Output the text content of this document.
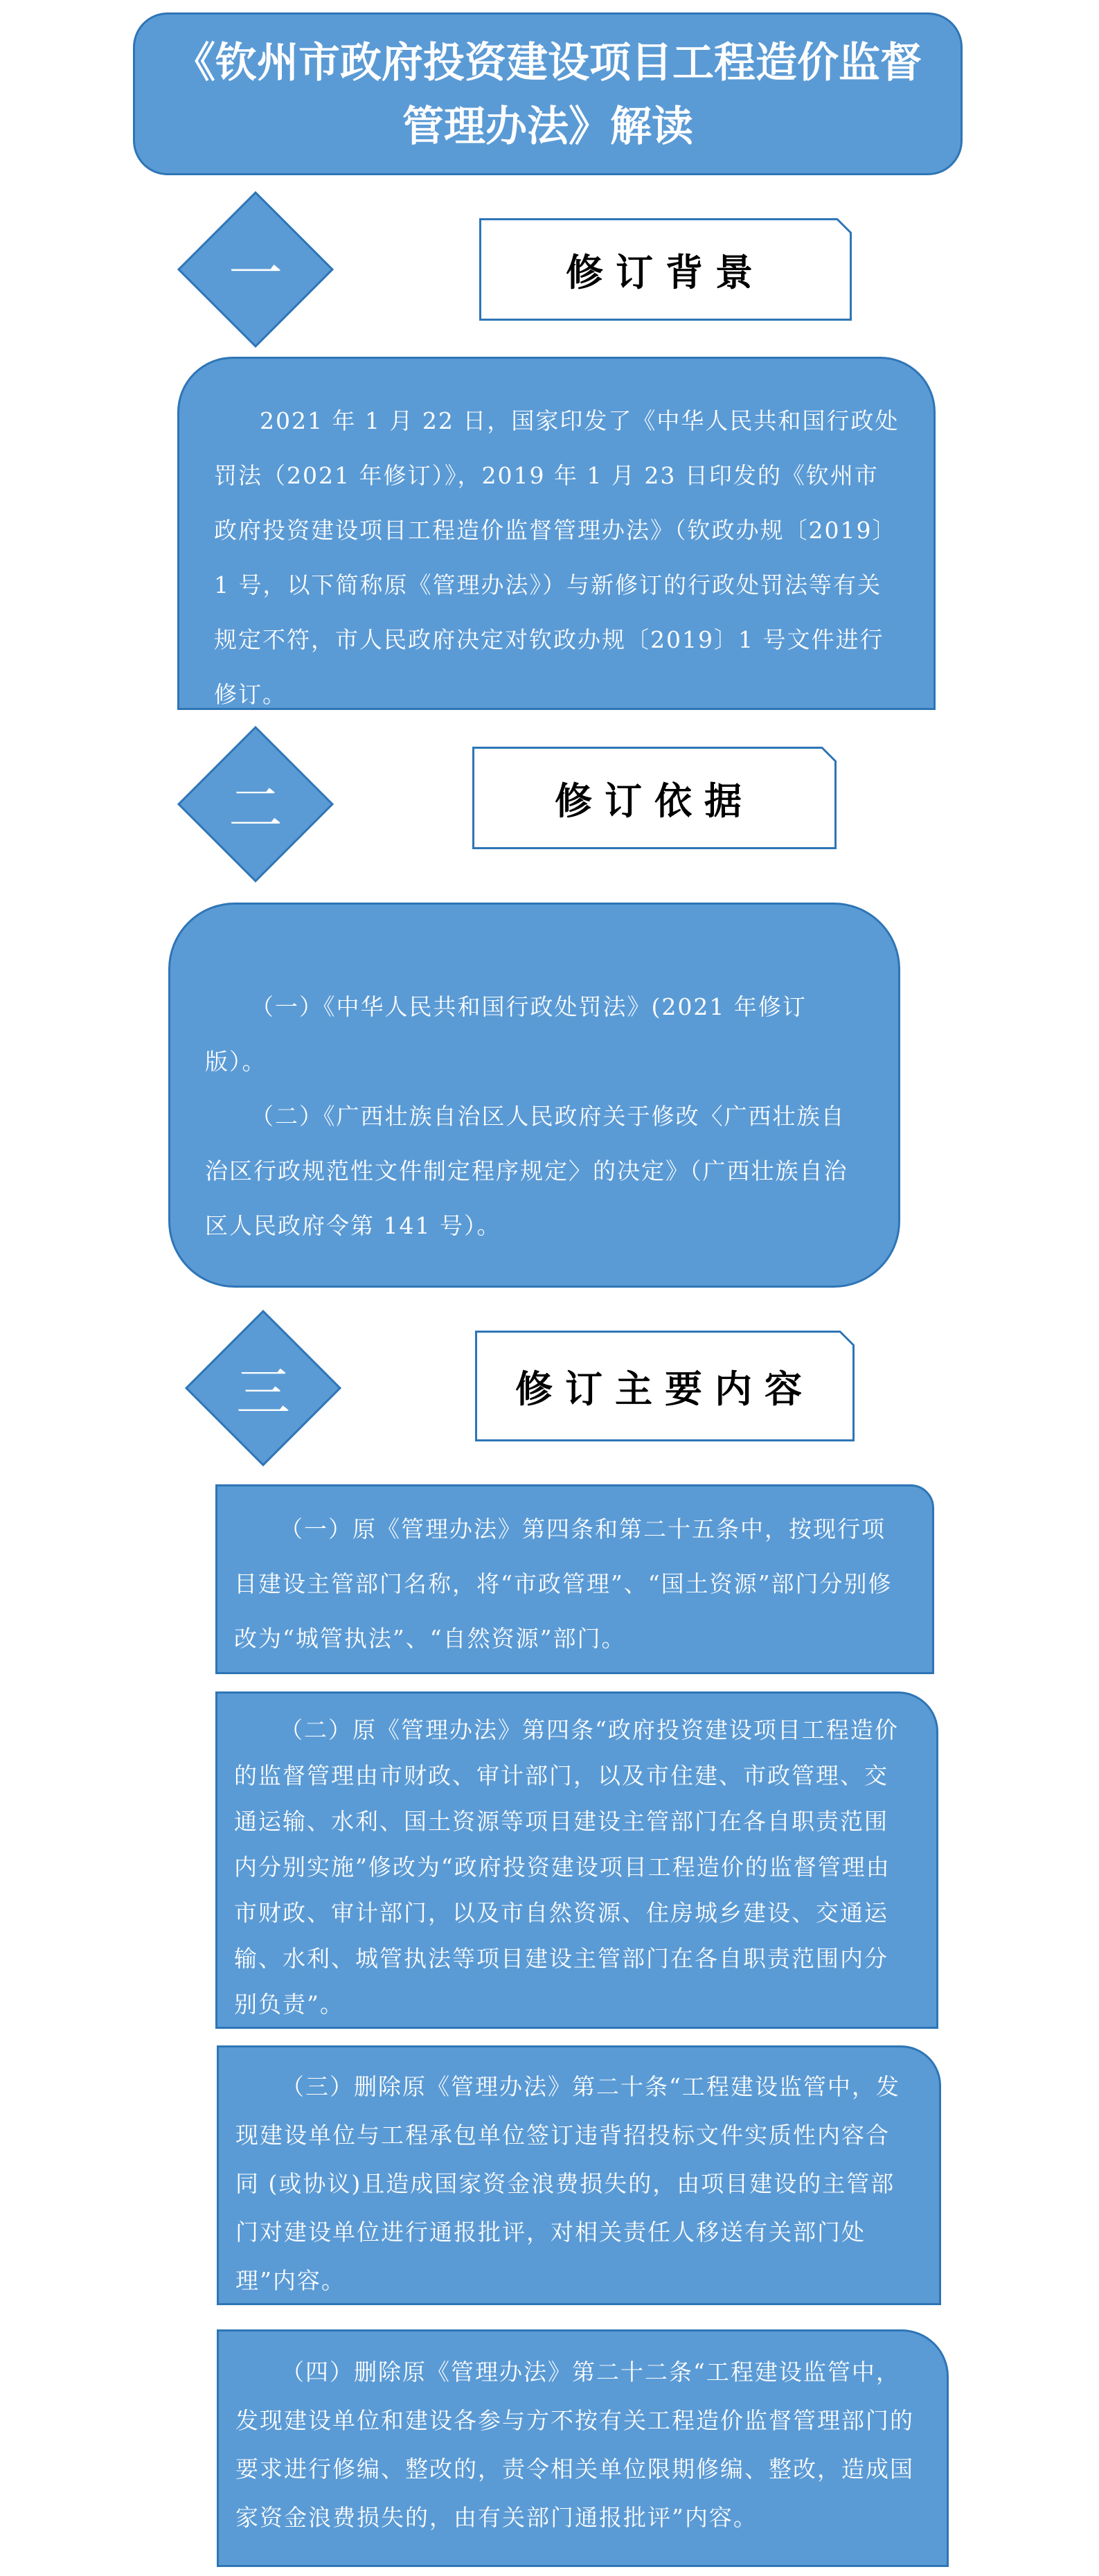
《钦州市政府投资建设项目工程造价监督
管理办法》解读
一	修订背景

2021 年 1 月 22 日，国家印发了《中华人民共和国行政处罚法（2021 年修订）》，2019 年 1 月 23 日印发的《钦州市政府投资建设项目工程造价监督管理办法》（钦政办规〔2019〕1 号，以下简称原《管理办法》）与新修订的行政处罚法等有关规定不符，市人民政府决定对钦政办规〔2019〕1 号文件进行修订。

二	修订依据

（一）《中华人民共和国行政处罚法》(2021 年修订版）。

（二）《广西壮族自治区人民政府关于修改〈广西壮族自治区行政规范性文件制定程序规定〉的决定》（广西壮族自治区人民政府令第 141 号）。

三	修订主要内容

（一）原《管理办法》第四条和第二十五条中，按现行项目建设主管部门名称，将“市政管理”、“国土资源”部门分别修改为“城管执法”、“自然资源”部门。

（二）原《管理办法》第四条“政府投资建设项目工程造价的监督管理由市财政、审计部门，以及市住建、市政管理、交通运输、水利、国土资源等项目建设主管部门在各自职责范围内分别实施”修改为“政府投资建设项目工程造价的监督管理由市财政、审计部门，以及市自然资源、住房城乡建设、交通运输、水利、城管执法等项目建设主管部门在各自职责范围内分别负责”。

（三）删除原《管理办法》第二十条“工程建设监管中，发现建设单位与工程承包单位签订违背招投标文件实质性内容合同 (或协议)且造成国家资金浪费损失的，由项目建设的主管部门对建设单位进行通报批评，对相关责任人移送有关部门处理”内容。

（四）删除原《管理办法》第二十二条“工程建设监管中，发现建设单位和建设各参与方不按有关工程造价监督管理部门的要求进行修编、整改的，责令相关单位限期修编、整改，造成国家资金浪费损失的，由有关部门通报批评”内容。
